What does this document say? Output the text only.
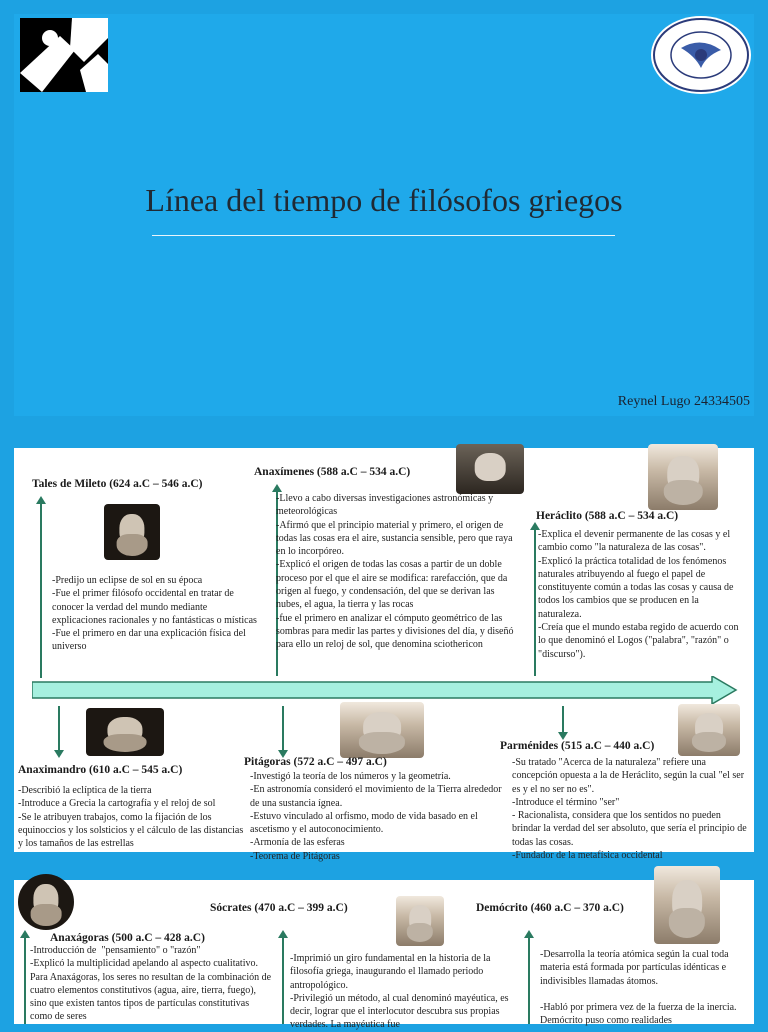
Línea del tiempo de filósofos griegos
Reynel Lugo 24334505
Tales de Mileto (624 a.C – 546 a.C)
-Predijo un eclipse de sol en su época
-Fue el primer filósofo occidental en tratar de conocer la verdad del mundo mediante explicaciones racionales y no fantásticas o místicas
-Fue el primero en dar una explicación física del universo
Anaxímenes (588 a.C – 534 a.C)
-Llevo a cabo diversas investigaciones astronómicas y meteorológicas
-Afirmó que el principio material y primero, el origen de todas las cosas era el aire, sustancia sensible, pero que raya en lo incorpóreo.
-Explicó el origen de todas las cosas a partir de un doble proceso por el que el aire se modifica: rarefacción, que da origen al fuego, y condensación, del que se derivan las nubes, el agua, la tierra y las rocas
-fue el primero en analizar el cómputo geométrico de las sombras para medir las partes y divisiones del día, y diseñó para ello un reloj de sol, que denomina sciothericon
Heráclito (588 a.C – 534 a.C)
-Explica el devenir permanente de las cosas y el cambio como "la naturaleza de las cosas".
-Explicó la práctica totalidad de los fenómenos naturales atribuyendo al fuego el papel de constituyente común a todas las cosas y causa de todos los cambios que se producen en la naturaleza.
-Creía que el mundo estaba regido de acuerdo con lo que denominó el Logos ("palabra", "razón" o "discurso").
Anaximandro (610 a.C – 545 a.C)
-Describió la eclíptica de la tierra
-Introduce a Grecia la cartografía y el reloj de sol
-Se le atribuyen trabajos, como la fijación de los equinoccios y los solsticios y el cálculo de las distancias y los tamaños de las estrellas
Pitágoras (572 a.C – 497 a.C)
-Investigó la teoría de los números y la geometría.
-En astronomía consideró el movimiento de la Tierra alrededor de una sustancia ígnea.
-Estuvo vinculado al orfismo, modo de vida basado en el ascetismo y el autoconocimiento.
-Armonía de las esferas
-Teorema de Pitágoras
Parménides (515 a.C – 440 a.C)
-Su tratado "Acerca de la naturaleza" refiere una concepción opuesta a la de Heráclito, según la cual "el ser es y el no ser no es".
-Introduce el término "ser"
- Racionalista, considera que los sentidos no pueden brindar la verdad del ser absoluto, que sería el principio de todas las cosas.
-Fundador de la metafísica occidental
Anaxágoras (500 a.C – 428 a.C)
-Introducción de  "pensamiento" o "razón"
-Explicó la multiplicidad apelando al aspecto cualitativo. Para Anaxágoras, los seres no resultan de la combinación de cuatro elementos constitutivos (agua, aire, tierra, fuego), sino que existen tantos tipos de partículas constitutivas como de seres
Sócrates (470 a.C – 399 a.C)
-Imprimió un giro fundamental en la historia de la filosofía griega, inaugurando el llamado periodo antropológico.
-Privilegió un método, al cual denominó mayéutica, es decir, lograr que el interlocutor descubra sus propias verdades. La mayéutica fue
Demócrito (460 a.C – 370 a.C)
-Desarrolla la teoría atómica según la cual toda materia está formada por partículas idénticas e indivisibles llamadas átomos.

-Habló por primera vez de la fuerza de la inercia. Demócrito puso como realidades
